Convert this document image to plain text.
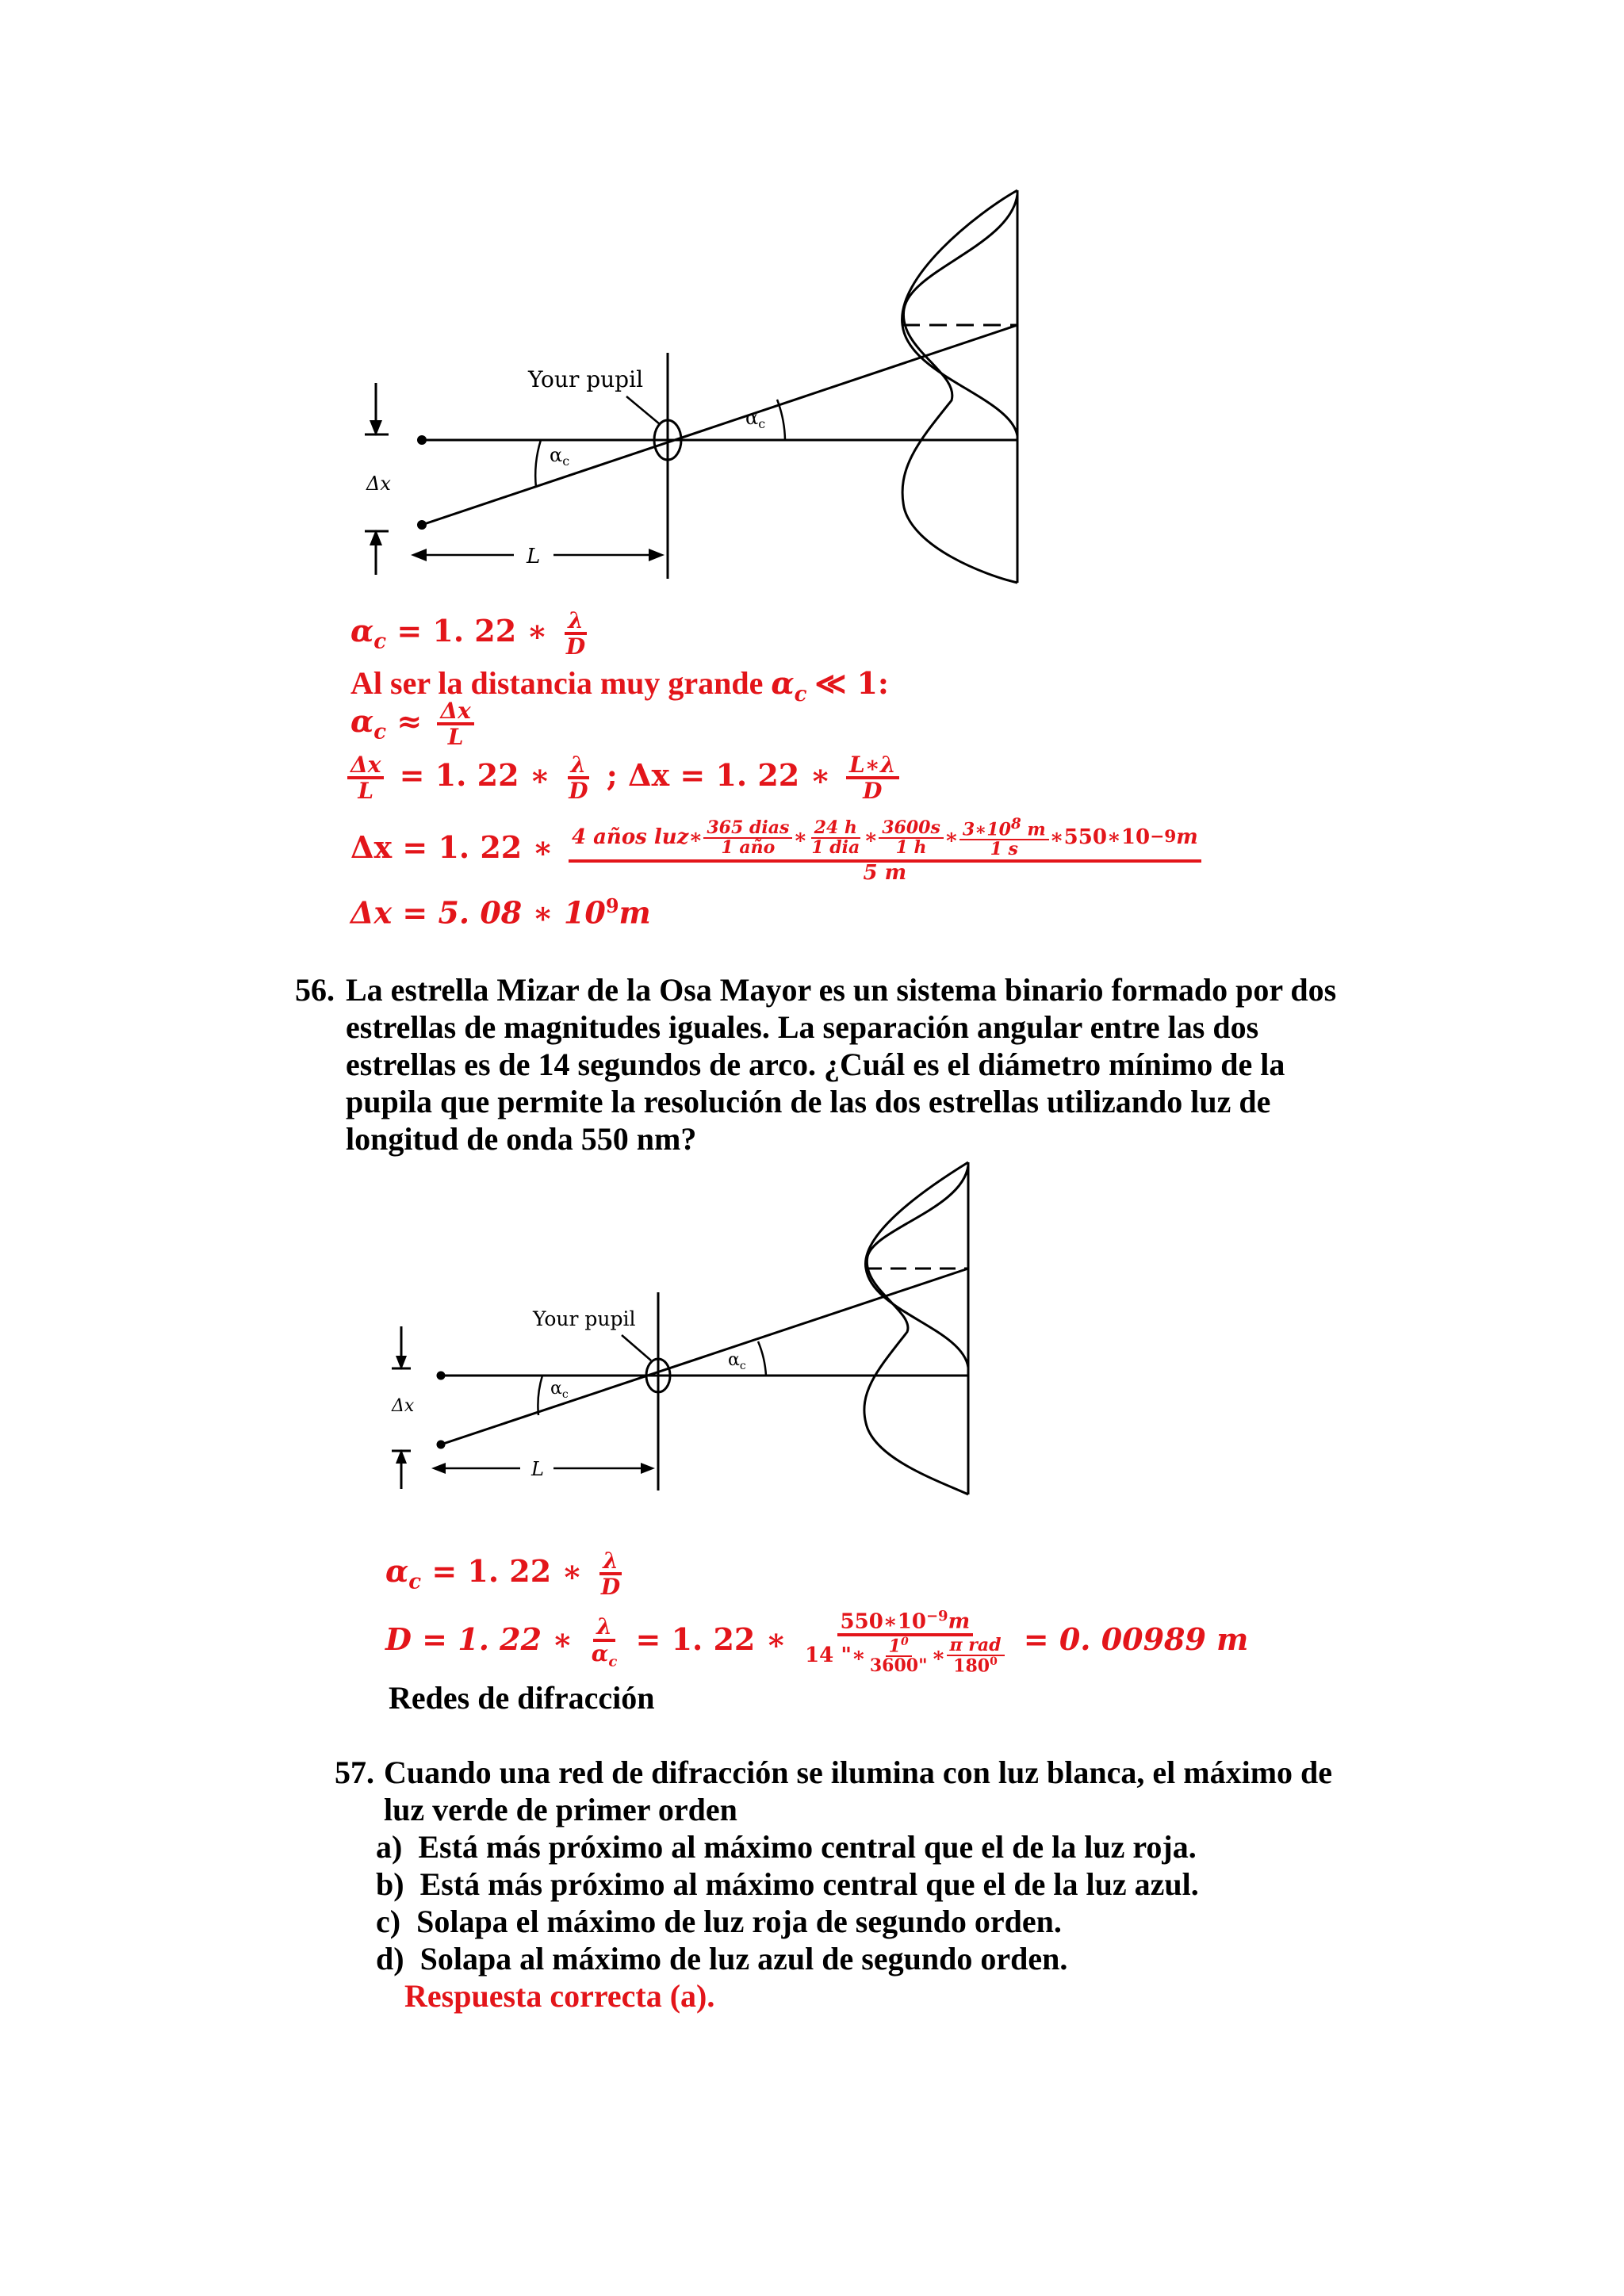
Your pupil
$\alpha_c$
$\alpha_c$
Δx
L
$\alpha_c = 1$. 22 ∗ $\frac{\lambda}{D}$
Al ser la distancia muy grande $\alpha_c$ ≪ 1:
$\alpha_c \approx \frac{\Delta x}{L}$
$\frac{\Delta x}{L} = 1$. 22 ∗ $\frac{\lambda}{D}$ ; Δx = 1. 22 ∗ $\frac{L∗\lambda}{D}$
Δx = 1. 22 ∗ 4 años luz∗ $\frac{\text{365 dias}}{\text{1 año}}$ ∗ $\frac{24 h}{\text{1 dia}}$ ∗ $\frac{3600s}{1 h}$ ∗ $\frac{3∗10^8 m}{1 s}$ ∗550∗10 −9 m
5 m
Δx = 5. 08 ∗ $10^9m$
56. La estrella Mizar de la Osa Mayor es un sistema binario formado por dos
estrellas de magnitudes iguales. La separación angular entre las dos
estrellas es de 14 segundos de arco. ¿Cuál es el diámetro mínimo de la
pupila que permite la resolución de las dos estrellas utilizando luz de
longitud de onda 550 nm?
Your pupil
$\alpha_c$
$\alpha_c$
Δx
L
$\alpha_c = 1$. 22 ∗ $\frac{\lambda}{D}$
D = 1. 22 ∗ $\frac{\lambda}{\alpha_c} = 1$. 22 ∗ $\frac{550∗10^{-9}m}{14 "∗ \frac{1^0}{3600"} ∗ \frac{\text{π rad}}{180^0}} = 0$. 00989 m
Redes de difracción
57. Cuando una red de difracción se ilumina con luz blanca, el máximo de
luz verde de primer orden
a) Está más próximo al máximo central que el de la luz roja.
b) Está más próximo al máximo central que el de la luz azul.
c) Solapa el máximo de luz roja de segundo orden.
d) Solapa al máximo de luz azul de segundo orden.
Respuesta correcta (a).
